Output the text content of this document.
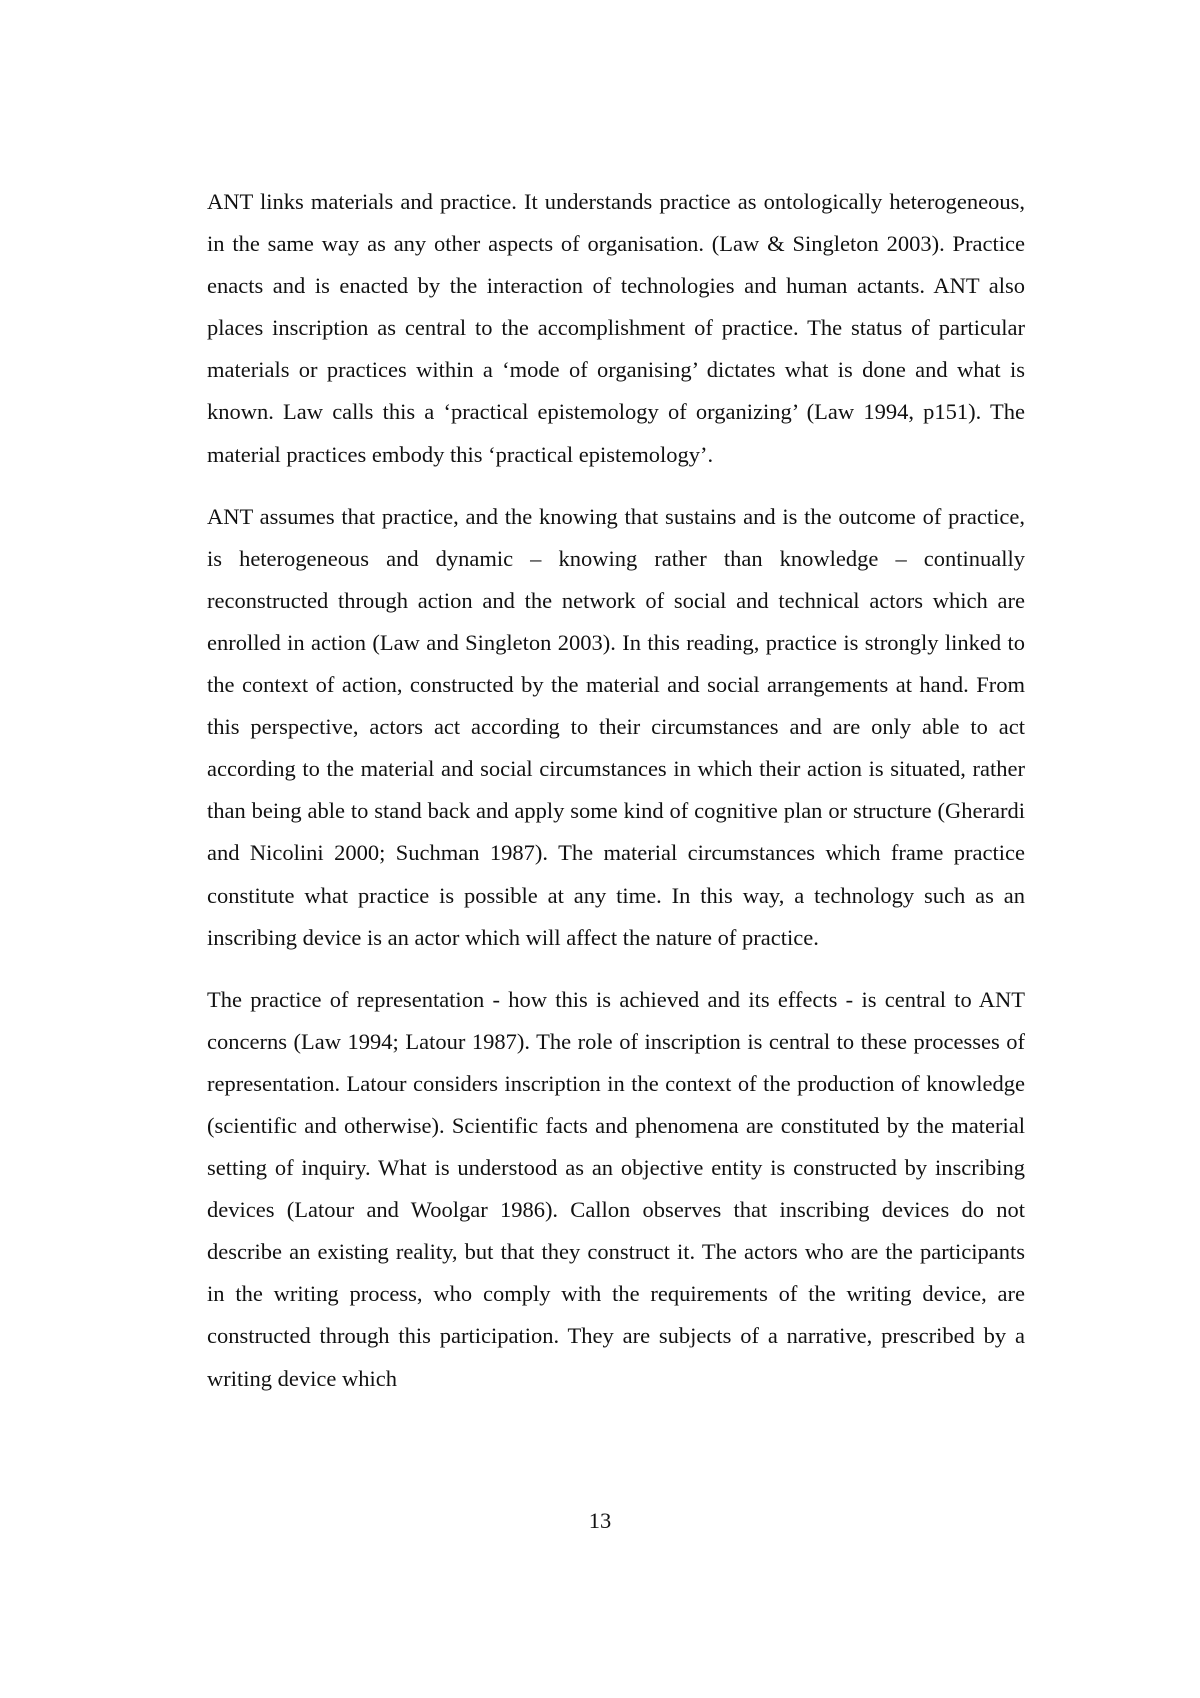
ANT links materials and practice. It understands practice as ontologically heterogeneous, in the same way as any other aspects of organisation. (Law & Singleton 2003). Practice enacts and is enacted by the interaction of technologies and human actants. ANT also places inscription as central to the accomplishment of practice. The status of particular materials or practices within a ‘mode of organising’ dictates what is done and what is known. Law calls this a ‘practical epistemology of organizing’ (Law 1994, p151). The material practices embody this ‘practical epistemology’.

ANT assumes that practice, and the knowing that sustains and is the outcome of practice, is heterogeneous and dynamic – knowing rather than knowledge – continually reconstructed through action and the network of social and technical actors which are enrolled in action (Law and Singleton 2003). In this reading, practice is strongly linked to the context of action, constructed by the material and social arrangements at hand. From this perspective, actors act according to their circumstances and are only able to act according to the material and social circumstances in which their action is situated, rather than being able to stand back and apply some kind of cognitive plan or structure (Gherardi and Nicolini 2000; Suchman 1987). The material circumstances which frame practice constitute what practice is possible at any time. In this way, a technology such as an inscribing device is an actor which will affect the nature of practice.

The practice of representation - how this is achieved and its effects - is central to ANT concerns (Law 1994; Latour 1987). The role of inscription is central to these processes of representation. Latour considers inscription in the context of the production of knowledge (scientific and otherwise). Scientific facts and phenomena are constituted by the material setting of inquiry. What is understood as an objective entity is constructed by inscribing devices (Latour and Woolgar 1986). Callon observes that inscribing devices do not describe an existing reality, but that they construct it. The actors who are the participants in the writing process, who comply with the requirements of the writing device, are constructed through this participation. They are subjects of a narrative, prescribed by a writing device which

13
